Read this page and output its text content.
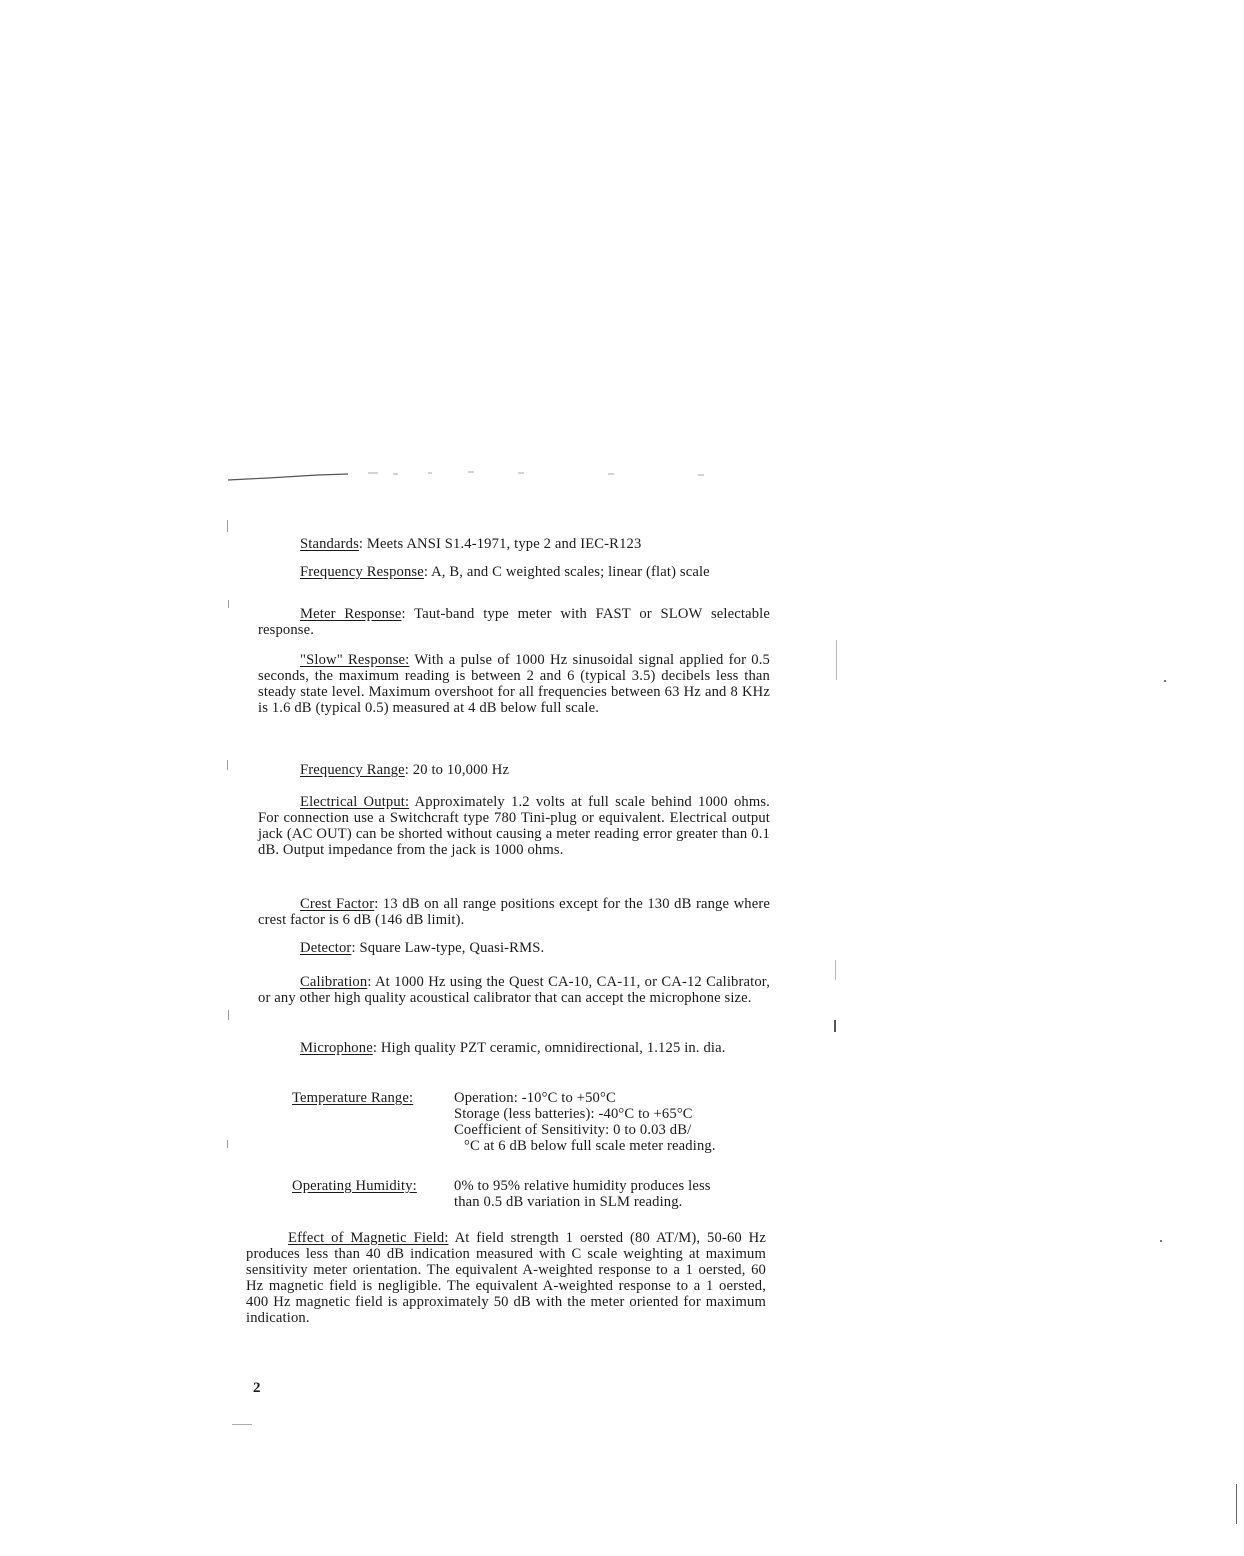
Standards: Meets ANSI S1.4-1971, type 2 and IEC-R123

Frequency Response: A, B, and C weighted scales; linear (flat) scale

Meter Response: Taut-band type meter with FAST or SLOW selectable response.

"Slow" Response: With a pulse of 1000 Hz sinusoidal signal applied for 0.5 seconds, the maximum reading is between 2 and 6 (typical 3.5) decibels less than steady state level. Maximum overshoot for all frequencies between 63 Hz and 8 KHz is 1.6 dB (typical 0.5) measured at 4 dB below full scale.

Frequency Range: 20 to 10,000 Hz

Electrical Output: Approximately 1.2 volts at full scale behind 1000 ohms. For connection use a Switchcraft type 780 Tini-plug or equivalent. Electrical output jack (AC OUT) can be shorted without causing a meter reading error greater than 0.1 dB. Output impedance from the jack is 1000 ohms.

Crest Factor: 13 dB on all range positions except for the 130 dB range where crest factor is 6 dB (146 dB limit).

Detector: Square Law-type, Quasi-RMS.

Calibration: At 1000 Hz using the Quest CA-10, CA-11, or CA-12 Calibrator, or any other high quality acoustical calibrator that can accept the microphone size.

Microphone: High quality PZT ceramic, omnidirectional, 1.125 in. dia.

Temperature Range:	Operation: -10°C to +50°C
Storage (less batteries): -40°C to +65°C
Coefficient of Sensitivity: 0 to 0.03 dB/
°C at 6 dB below full scale meter reading.
Operating Humidity:	0% to 95% relative humidity produces less
than 0.5 dB variation in SLM reading.

Effect of Magnetic Field: At field strength 1 oersted (80 AT/M), 50-60 Hz produces less than 40 dB indication measured with C scale weighting at maximum sensitivity meter orientation. The equivalent A-weighted response to a 1 oersted, 60 Hz magnetic field is negligible. The equivalent A-weighted response to a 1 oersted, 400 Hz magnetic field is approximately 50 dB with the meter oriented for maximum indication.

2
